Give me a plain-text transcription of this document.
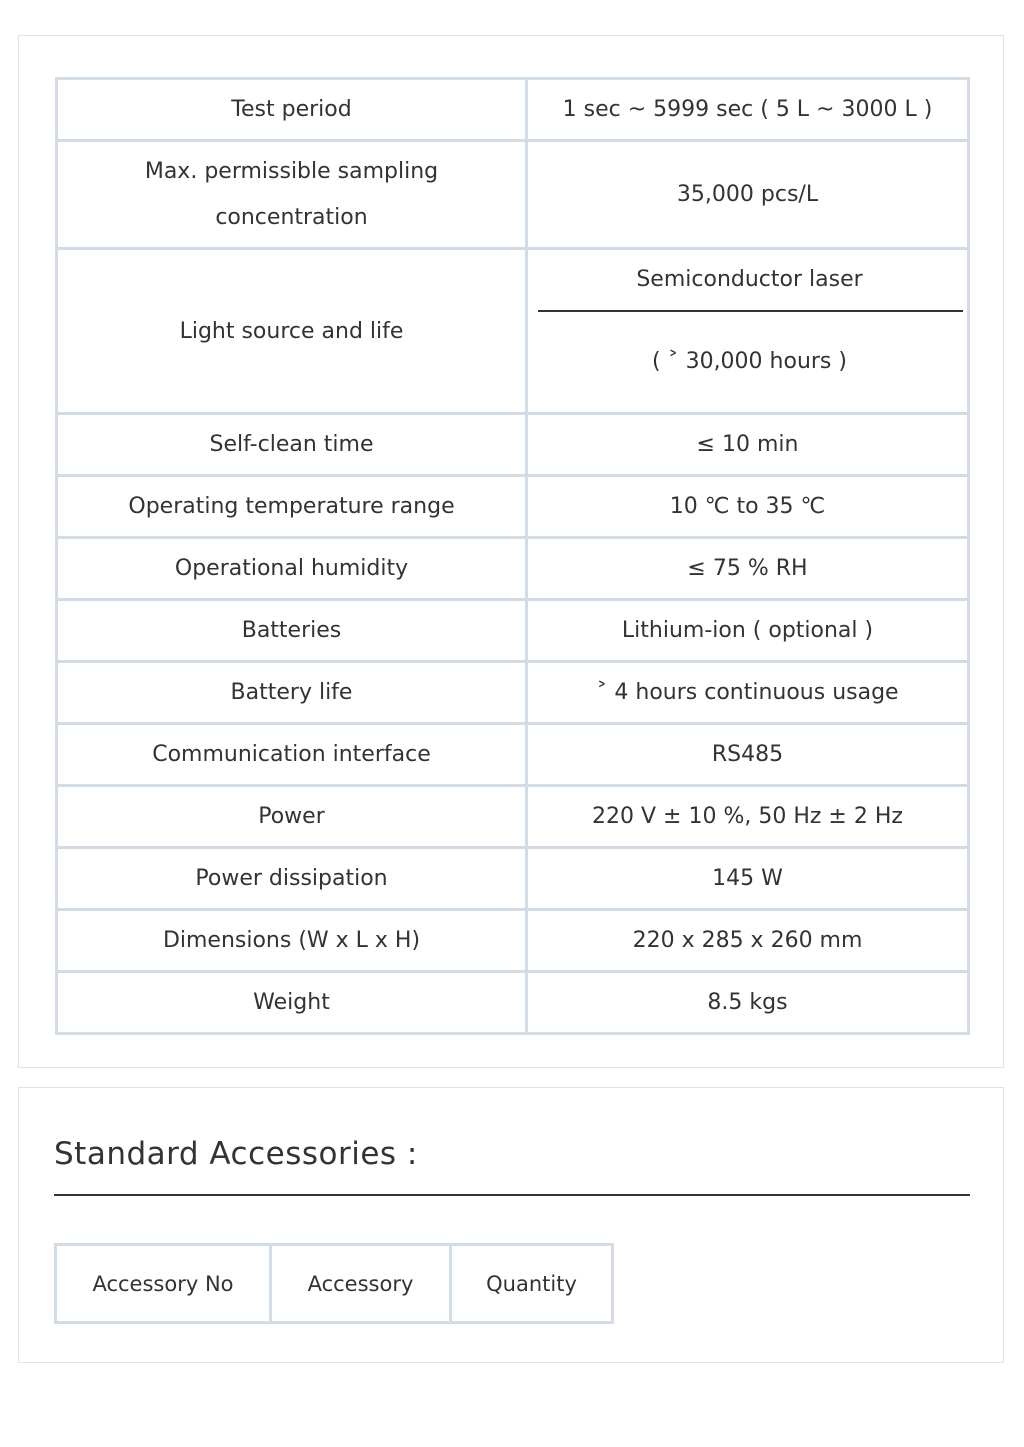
Test period	1 sec ~ 5999 sec ( 5 L ~ 3000 L )

Max. permissible sampling
concentration	35,000 pcs/L
Light source and life	Semiconductor laser
( ˃ 30,000 hours )

Self-clean time	≤ 10 min
Operating temperature range	10 ℃ to 35 ℃
Operational humidity	≤ 75 % RH
Batteries	Lithium-ion ( optional )
Battery life	˃ 4 hours continuous usage
Communication interface	RS485
Power	220 V ± 10 %, 50 Hz ± 2 Hz
Power dissipation	145 W
Dimensions (W x L x H)	220 x 285 x 260 mm
Weight	8.5 kgs
Standard Accessories :
Accessory No	Accessory	Quantity
